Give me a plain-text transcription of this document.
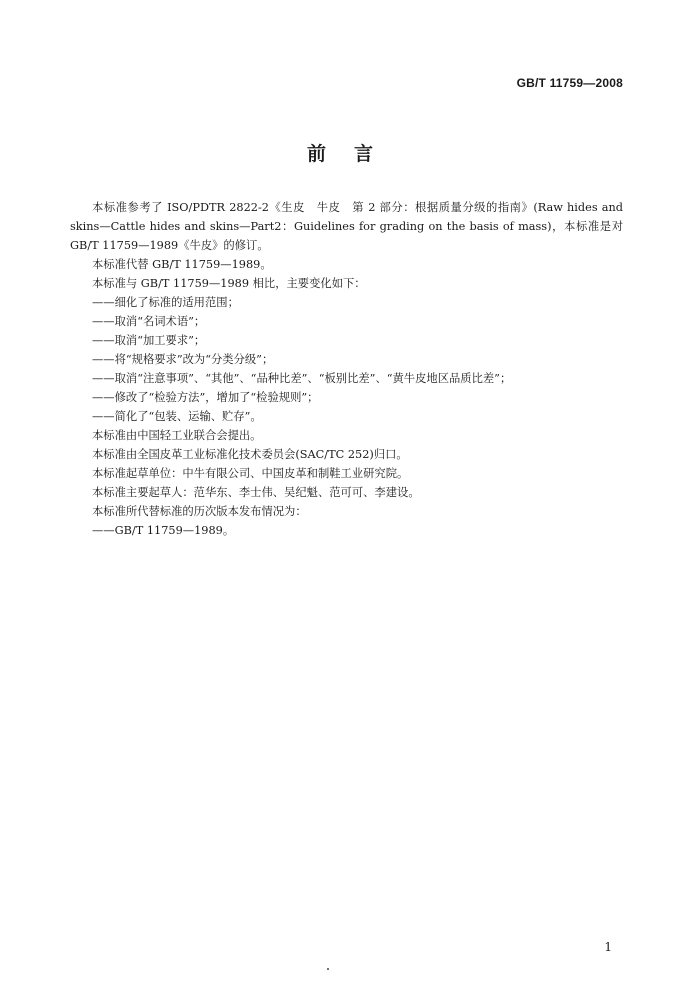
GB/T 11759—2008
前言

本标准参考了 ISO/PDTR 2822-2《生皮　牛皮　第 2 部分：根据质量分级的指南》(Raw hides and skins—Cattle hides and skins—Part2：Guidelines for grading on the basis of mass)，本标准是对 GB/T 11759—1989《牛皮》的修订。

本标准代替 GB/T 11759—1989。

本标准与 GB/T 11759—1989 相比，主要变化如下：

——细化了标准的适用范围；

——取消“名词术语”；

——取消“加工要求”；

——将“规格要求”改为“分类分级”；

——取消“注意事项”、“其他”、“品种比差”、“板别比差”、“黄牛皮地区品质比差”；

——修改了“检验方法”，增加了“检验规则”；

——简化了“包装、运输、贮存”。

本标准由中国轻工业联合会提出。

本标准由全国皮革工业标准化技术委员会(SAC/TC 252)归口。

本标准起草单位：中牛有限公司、中国皮革和制鞋工业研究院。

本标准主要起草人：范华东、李士伟、吴纪魁、范可可、李建设。

本标准所代替标准的历次版本发布情况为：

——GB/T 11759—1989。

1
